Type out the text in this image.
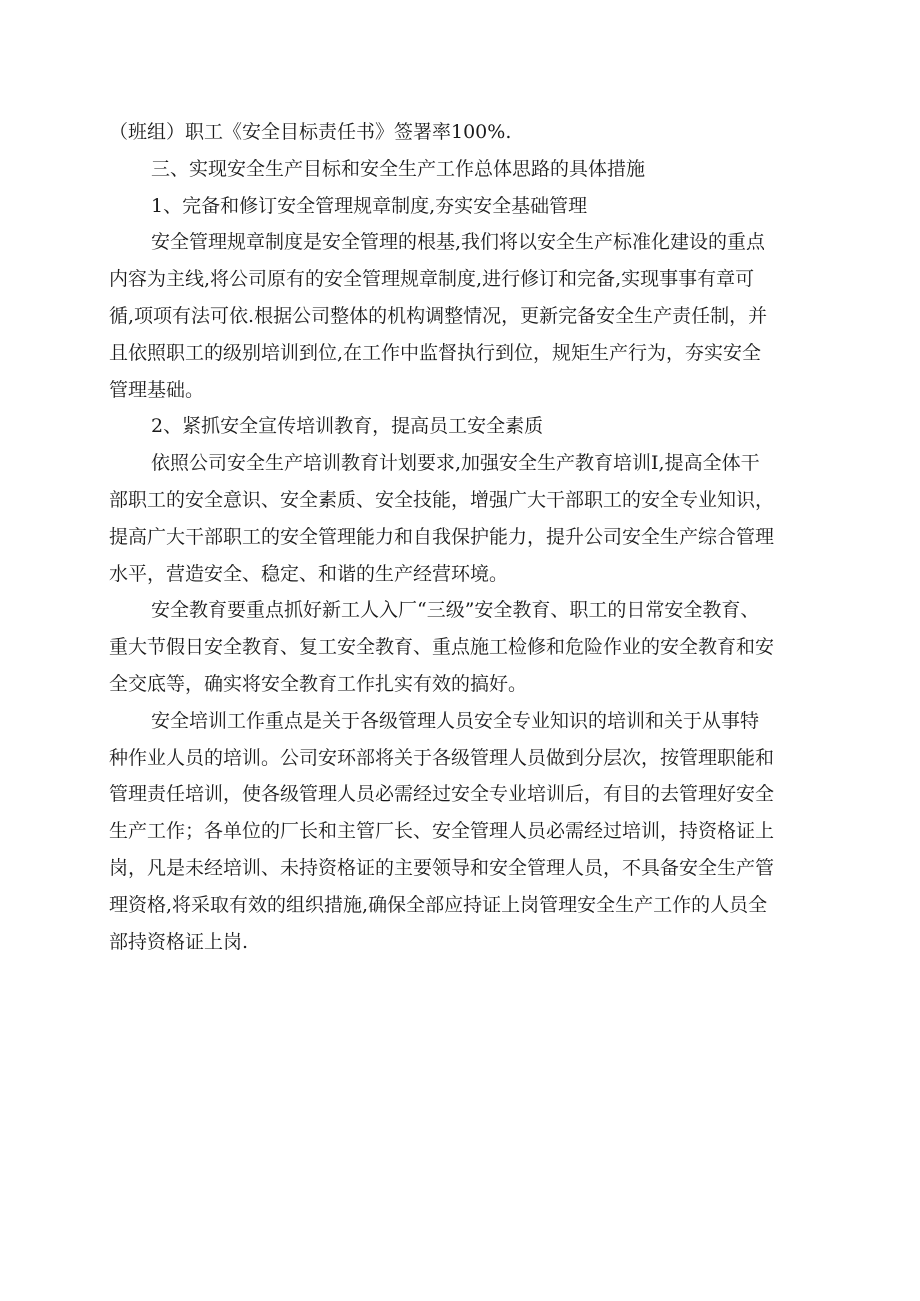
（班组）职工《安全目标责任书》签署率100%.
三、实现安全生产目标和安全生产工作总体思路的具体措施
1、完备和修订安全管理规章制度,夯实安全基础管理
安全管理规章制度是安全管理的根基,我们将以安全生产标准化建设的重点
内容为主线,将公司原有的安全管理规章制度,进行修订和完备,实现事事有章可
循,项项有法可依.根据公司整体的机构调整情况，更新完备安全生产责任制，并
且依照职工的级别培训到位,在工作中监督执行到位，规矩生产行为，夯实安全
管理基础。
2、紧抓安全宣传培训教育，提高员工安全素质
依照公司安全生产培训教育计划要求,加强安全生产教育培训I,提高全体干
部职工的安全意识、安全素质、安全技能，增强广大干部职工的安全专业知识，
提高广大干部职工的安全管理能力和自我保护能力，提升公司安全生产综合管理
水平，营造安全、稳定、和谐的生产经营环境。
安全教育要重点抓好新工人入厂“三级”安全教育、职工的日常安全教育、
重大节假日安全教育、复工安全教育、重点施工检修和危险作业的安全教育和安
全交底等，确实将安全教育工作扎实有效的搞好。
安全培训工作重点是关于各级管理人员安全专业知识的培训和关于从事特
种作业人员的培训。公司安环部将关于各级管理人员做到分层次，按管理职能和
管理责任培训，使各级管理人员必需经过安全专业培训后，有目的去管理好安全
生产工作；各单位的厂长和主管厂长、安全管理人员必需经过培训，持资格证上
岗，凡是未经培训、未持资格证的主要领导和安全管理人员，不具备安全生产管
理资格,将采取有效的组织措施,确保全部应持证上岗管理安全生产工作的人员全
部持资格证上岗.
